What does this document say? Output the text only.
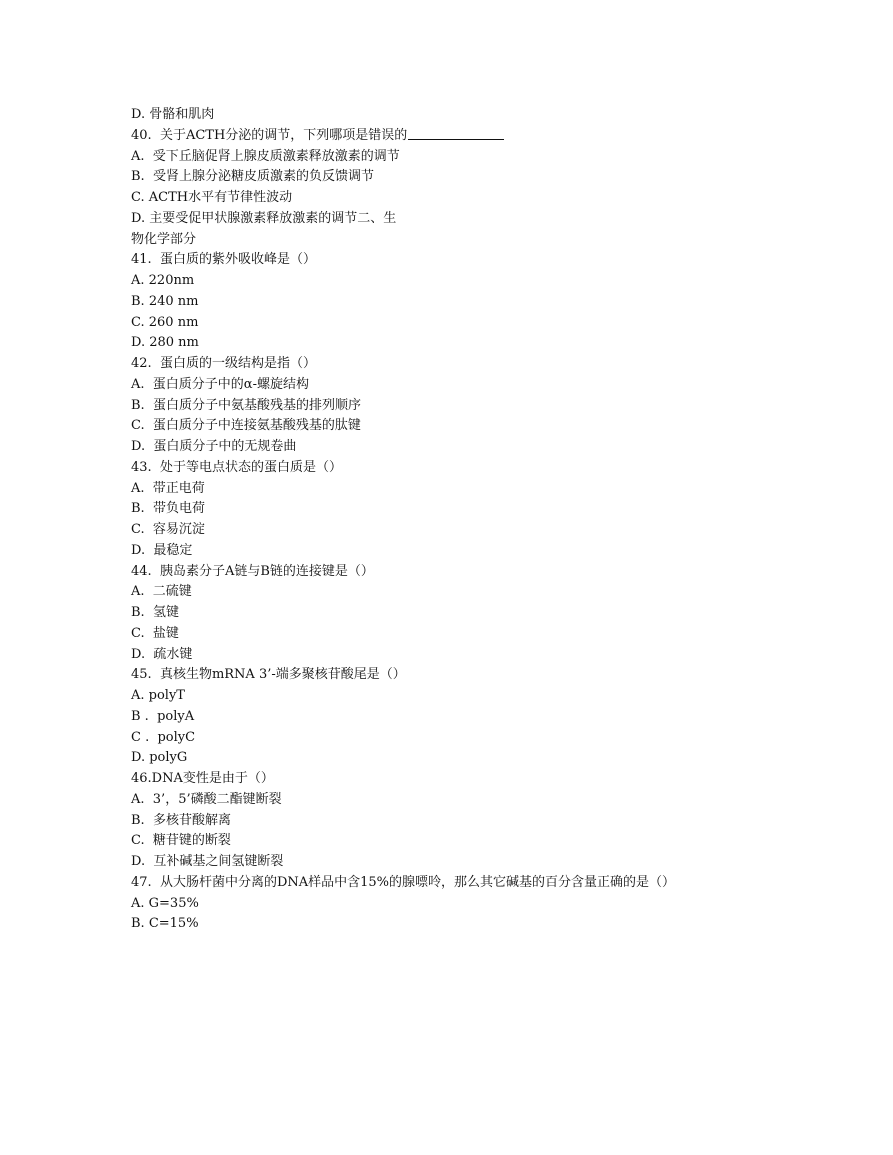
D. 骨骼和肌肉
40.  关于ACTH分泌的调节，下列哪项是错误的
A.  受下丘脑促肾上腺皮质激素释放激素的调节
B.  受肾上腺分泌糖皮质激素的负反馈调节
C. ACTH水平有节律性波动
D. 主要受促甲状腺激素释放激素的调节二、生
物化学部分
41.  蛋白质的紫外吸收峰是（）
A. 220nm
B. 240 nm
C. 260 nm
D. 280 nm
42.  蛋白质的一级结构是指（）
A.  蛋白质分子中的α-螺旋结构
B.  蛋白质分子中氨基酸残基的排列顺序
C.  蛋白质分子中连接氨基酸残基的肽键
D.  蛋白质分子中的无规卷曲
43.  处于等电点状态的蛋白质是（）
A.  带正电荷
B.  带负电荷
C.  容易沉淀
D.  最稳定
44.  胰岛素分子A链与B链的连接键是（）
A.  二硫键
B.  氢键
C.  盐键
D.  疏水键
45.  真核生物mRNA 3’-端多聚核苷酸尾是（）
A. polyT
B .  polyA
C .  polyC
D. polyG
46.DNA变性是由于（）
A.  3’，5’磷酸二酯键断裂
B.  多核苷酸解离
C.  糖苷键的断裂
D.  互补碱基之间氢键断裂
47.  从大肠杆菌中分离的DNA样品中含15%的腺嘌呤，那么其它碱基的百分含量正确的是（）
A. G=35%
B. C=15%
